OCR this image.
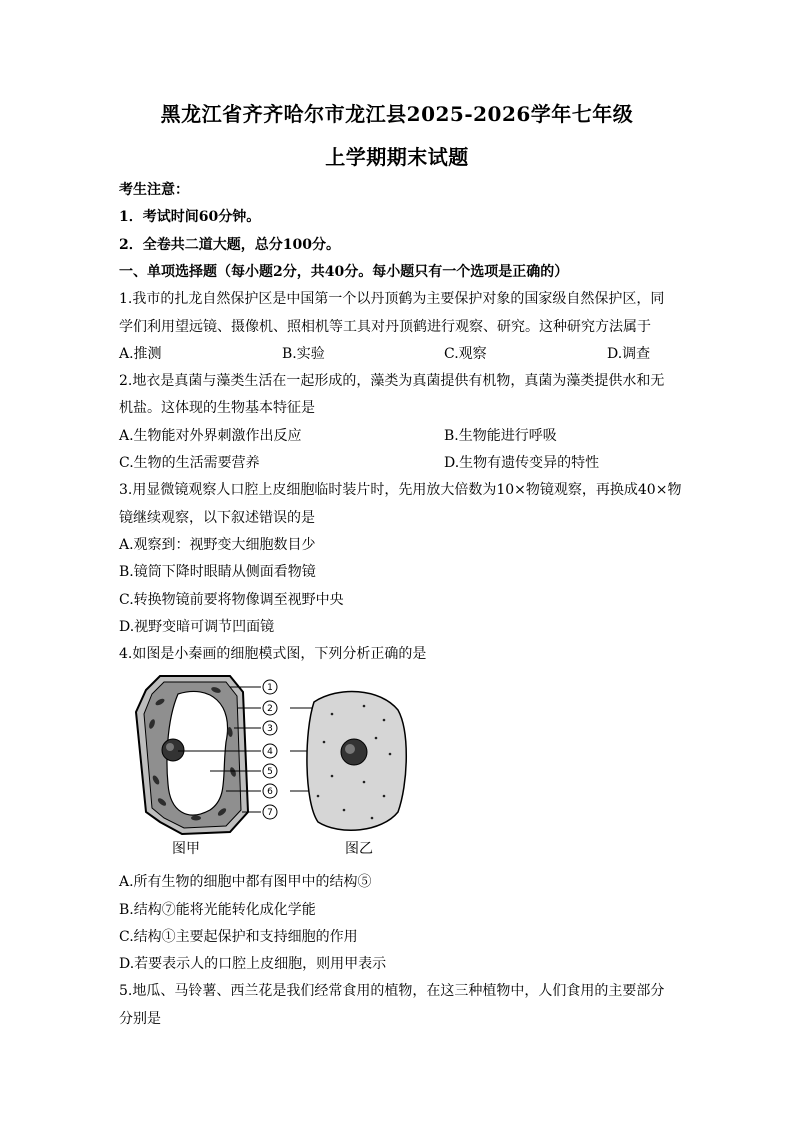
黑龙江省齐齐哈尔市龙江县2025-2026学年七年级
上学期期末试题
考生注意：
1．考试时间60分钟。
2．全卷共二道大题，总分100分。
一、单项选择题（每小题2分，共40分。每小题只有一个选项是正确的）
1.我市的扎龙自然保护区是中国第一个以丹顶鹤为主要保护对象的国家级自然保护区，同
学们利用望远镜、摄像机、照相机等工具对丹顶鹤进行观察、研究。这种研究方法属于
A.推测	B.实验	C.观察	D.调查
2.地衣是真菌与藻类生活在一起形成的，藻类为真菌提供有机物，真菌为藻类提供水和无
机盐。这体现的生物基本特征是
A.生物能对外界刺激作出反应	B.生物能进行呼吸
C.生物的生活需要营养	D.生物有遗传变异的特性
3.用显微镜观察人口腔上皮细胞临时装片时，先用放大倍数为10×物镜观察，再换成40×物
镜继续观察，以下叙述错误的是
A.观察到：视野变大细胞数目少
B.镜筒下降时眼睛从侧面看物镜
C.转换物镜前要将物像调至视野中央
D.视野变暗可调节凹面镜
4.如图是小秦画的细胞模式图，下列分析正确的是
1
2
3
4
5
6
7
图甲	图乙
A.所有生物的细胞中都有图甲中的结构⑤
B.结构⑦能将光能转化成化学能
C.结构①主要起保护和支持细胞的作用
D.若要表示人的口腔上皮细胞，则用甲表示
5.地瓜、马铃薯、西兰花是我们经常食用的植物，在这三种植物中，人们食用的主要部分
分别是
